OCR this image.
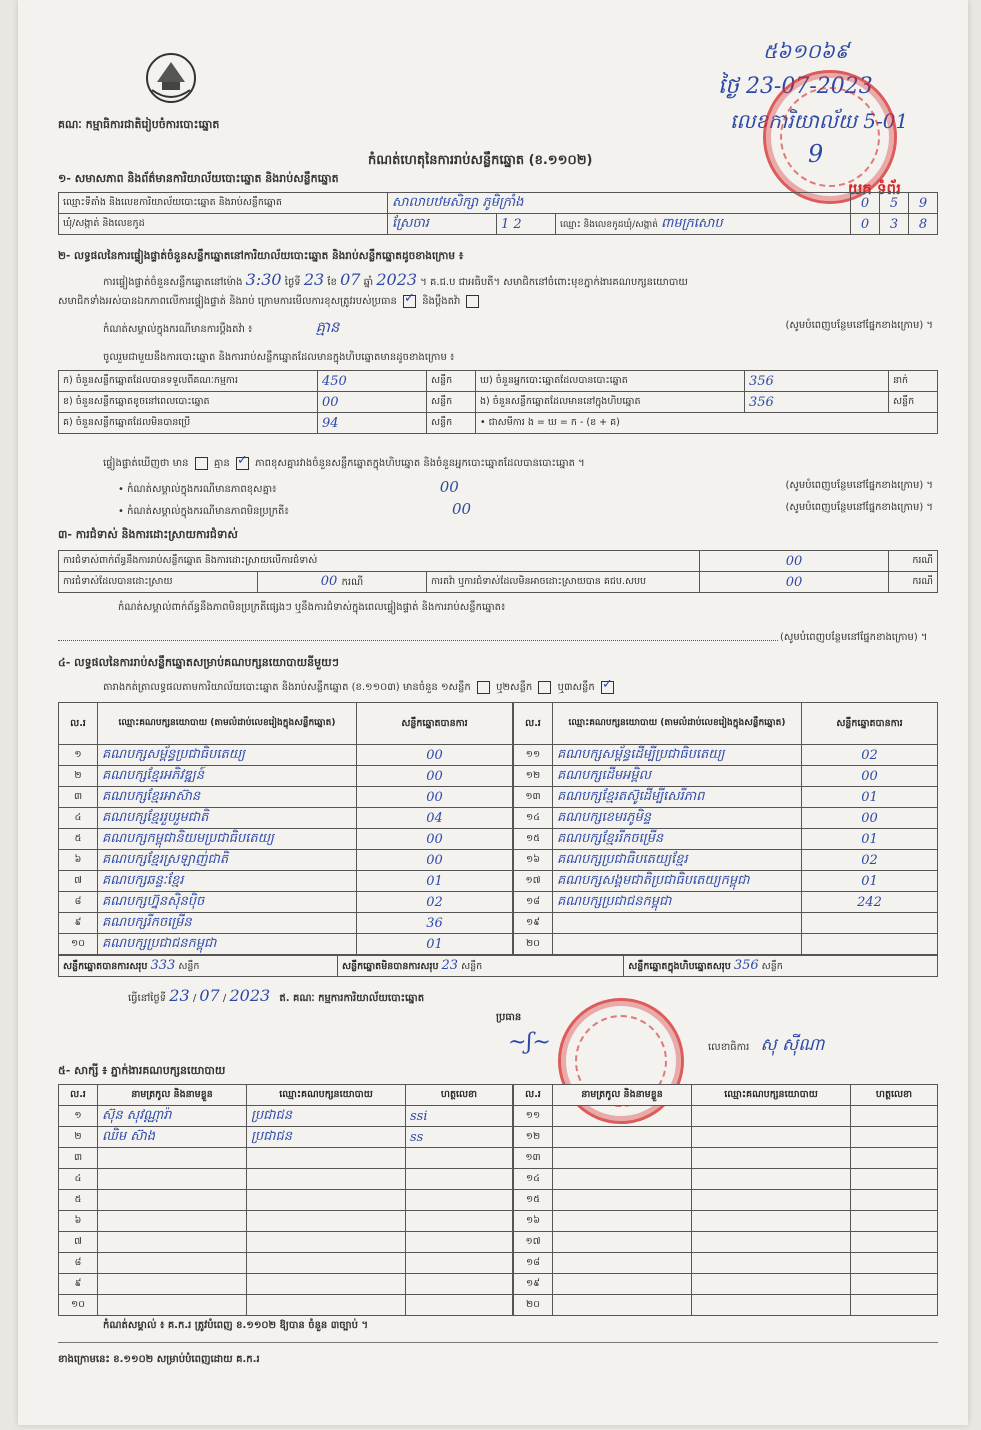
គណៈ កម្មាធិការជាតិរៀបចំការបោះឆ្នោត
៥៦១០៦៩
ថ្ងៃ 23-07-2023
លេខការិយាល័យ 5-01
9
យក ទំព័រ
កំណត់ហេតុនៃការរាប់សន្លឹកឆ្នោត (ខ.១១០២)
១- សមាសភាព និងព័ត៌មានការិយាល័យបោះឆ្នោត និងរាប់សន្លឹកឆ្នោត
ឈ្មោះទីតាំង និងលេខការិយាល័យបោះឆ្នោត និងរាប់សន្លឹកឆ្នោត	សាលាបឋមសិក្សា ភូមិក្រាំង			0	5	9
ឃុំ/សង្កាត់ និងលេខកូដ	ស្រែចារ	1 2	ឈ្មោះ និងលេខកូដឃុំ/សង្កាត់ ពាមក្រសោប	0	3	8
២- លទ្ធផលនៃការផ្ទៀងផ្ទាត់ចំនួនសន្លឹកឆ្នោតនៅការិយាល័យបោះឆ្នោត និងរាប់សន្លឹកឆ្នោតដូចខាងក្រោម ៖
ការផ្ទៀងផ្ទាត់ចំនួនសន្លឹកឆ្នោតនៅម៉ោង 3:30 ថ្ងៃទី 23 ខែ 07 ឆ្នាំ 2023 ។ គ.ជ.ប ជាអធិបតី។ សមាជិកនៅចំពោះមុខភ្នាក់ងារគណបក្សនយោបាយ
សមាជិកទាំងអស់បានឯកភាពលើការផ្ទៀងផ្ទាត់ និងរាប់ ក្រោមការមើលការខុសត្រូវរបស់ប្រធាន ✓	និងប្តឹងតវ៉ា
កំណត់សម្គាល់ក្នុងករណីមានការប្តឹងតវ៉ា ៖	គ្មាន	(សូមបំពេញបន្ថែមនៅផ្នែកខាងក្រោម) ។
ចូលរួមជាមួយនឹងការបោះឆ្នោត និងការរាប់សន្លឹកឆ្នោតដែលមានក្នុងហិបឆ្នោតមានដូចខាងក្រោម ៖
ក) ចំនួនសន្លឹកឆ្នោតដែលបានទទួលពីគណៈកម្មការ	450	សន្លឹក	ឃ) ចំនួនអ្នកបោះឆ្នោតដែលបានបោះឆ្នោត	356	នាក់
ខ) ចំនួនសន្លឹកឆ្នោតខូចនៅពេលបោះឆ្នោត	00	សន្លឹក	ង) ចំនួនសន្លឹកឆ្នោតដែលមាននៅក្នុងហិបឆ្នោត	356	សន្លឹក
គ) ចំនួនសន្លឹកឆ្នោតដែលមិនបានប្រើ	94	សន្លឹក	• ជាសមីការ ង = ឃ = ក - (ខ + គ)		
ផ្ទៀងផ្ទាត់ឃើញថា មាន	គ្មាន ✓	ភាពខុសគ្នារវាងចំនួនសន្លឹកឆ្នោតក្នុងហិបឆ្នោត និងចំនួនអ្នកបោះឆ្នោតដែលបានបោះឆ្នោត ។
• កំណត់សម្គាល់ក្នុងករណីមានភាពខុសគ្នា៖	00	(សូមបំពេញបន្ថែមនៅផ្នែកខាងក្រោម) ។
• កំណត់សម្គាល់ក្នុងករណីមានភាពមិនប្រក្រតី៖	00	(សូមបំពេញបន្ថែមនៅផ្នែកខាងក្រោម) ។
៣- ការជំទាស់ និងការដោះស្រាយការជំទាស់
ការជំទាស់ពាក់ព័ន្ធនឹងការរាប់សន្លឹកឆ្នោត និងការដោះស្រាយលើការជំទាស់			00	ករណី
ការជំទាស់ដែលបានដោះស្រាយ	00 ករណី	ការតវ៉ា ឬការជំទាស់ដែលមិនអាចដោះស្រាយបាន គជប.សបប	00	ករណី
កំណត់សម្គាល់ពាក់ព័ន្ធនឹងភាពមិនប្រក្រតីផ្សេងៗ ឬនឹងការជំទាស់ក្នុងពេលផ្ទៀងផ្ទាត់ និងការរាប់សន្លឹកឆ្នោត៖
(សូមបំពេញបន្ថែមនៅផ្នែកខាងក្រោម) ។
៤- លទ្ធផលនៃការរាប់សន្លឹកឆ្នោតសម្រាប់គណបក្សនយោបាយនីមួយៗ
តារាងកត់ត្រាលទ្ធផលតាមការិយាល័យបោះឆ្នោត និងរាប់សន្លឹកឆ្នោត (ខ.១១០៣) មានចំនួន ១សន្លឹក	ឬ២សន្លឹក	ឬ៣សន្លឹក ✓
ល.រ	ឈ្មោះគណបក្សនយោបាយ (តាមលំដាប់លេខរៀងក្នុងសន្លឹកឆ្នោត)	សន្លឹកឆ្នោតបានការ
១	គណបក្សសម្ព័ន្ធប្រជាធិបតេយ្យ	00
២	គណបក្សខ្មែរអភិវឌ្ឍន៍	00
៣	គណបក្សខ្មែរអាស៊ាន	00
៤	គណបក្សខ្មែររួបរួមជាតិ	04
៥	គណបក្សកម្ពុជានិយមប្រជាធិបតេយ្យ	00
៦	គណបក្សខ្មែរស្រឡាញ់ជាតិ	00
៧	គណបក្សឆន្ទៈខ្មែរ	01
៨	គណបក្សហ្វ៊ុនស៊ិនប៉ិច	02
៩	គណបក្សរីកចម្រើន	36
១០	គណបក្សប្រជាជនកម្ពុជា	01
ល.រ	ឈ្មោះគណបក្សនយោបាយ (តាមលំដាប់លេខរៀងក្នុងសន្លឹកឆ្នោត)	សន្លឹកឆ្នោតបានការ
១១	គណបក្សសម្ព័ន្ធដើម្បីប្រជាធិបតេយ្យ	02
១២	គណបក្សដើមអម្ពិល	00
១៣	គណបក្សខ្មែរតស៊ូដើម្បីសេរីភាព	01
១៤	គណបក្សខេមរភូមិន្ទ	00
១៥	គណបក្សខ្មែររីកចម្រើន	01
១៦	គណបក្សប្រជាធិបតេយ្យខ្មែរ	02
១៧	គណបក្សសង្គមជាតិប្រជាធិបតេយ្យកម្ពុជា	01
១៨	គណបក្សប្រជាជនកម្ពុជា	242
១៩		
២០		
សន្លឹកឆ្នោតបានការសរុប 333 សន្លឹក	សន្លឹកឆ្នោតមិនបានការសរុប 23 សន្លឹក	សន្លឹកឆ្នោតក្នុងហិបឆ្នោតសរុប 356 សន្លឹក
ធ្វើនៅថ្ងៃទី 23 / 07 / 2023 ឥ. គណៈ កម្មការការិយាល័យបោះឆ្នោត
ប្រធាន
~ʃ~	លេខាធិការ សុ ស៊ីណា
៥- សាក្សី ៖ ភ្នាក់ងារគណបក្សនយោបាយ
ល.រ	នាមត្រកូល និងនាមខ្លួន	ឈ្មោះគណបក្សនយោបាយ	ហត្ថលេខា
១	ស៊ុន សុវណ្ណារ៉ា	ប្រជាជន	ssi
២	ឈិម ស៊ាង	ប្រជាជន	ss
៣			
៤			
៥			
៦			
៧			
៨			
៩			
១០			
ល.រ	នាមត្រកូល និងនាមខ្លួន	ឈ្មោះគណបក្សនយោបាយ	ហត្ថលេខា
១១			
១២			
១៣			
១៤			
១៥			
១៦			
១៧			
១៨			
១៩			
២០			
កំណត់សម្គាល់ ៖ គ.ក.រ ត្រូវបំពេញ ខ.១១០២ ឱ្យបាន ចំនួន ៣ច្បាប់ ។
ខាងក្រោមនេះ ខ.១១០២ សម្រាប់បំពេញដោយ គ.ក.រ
